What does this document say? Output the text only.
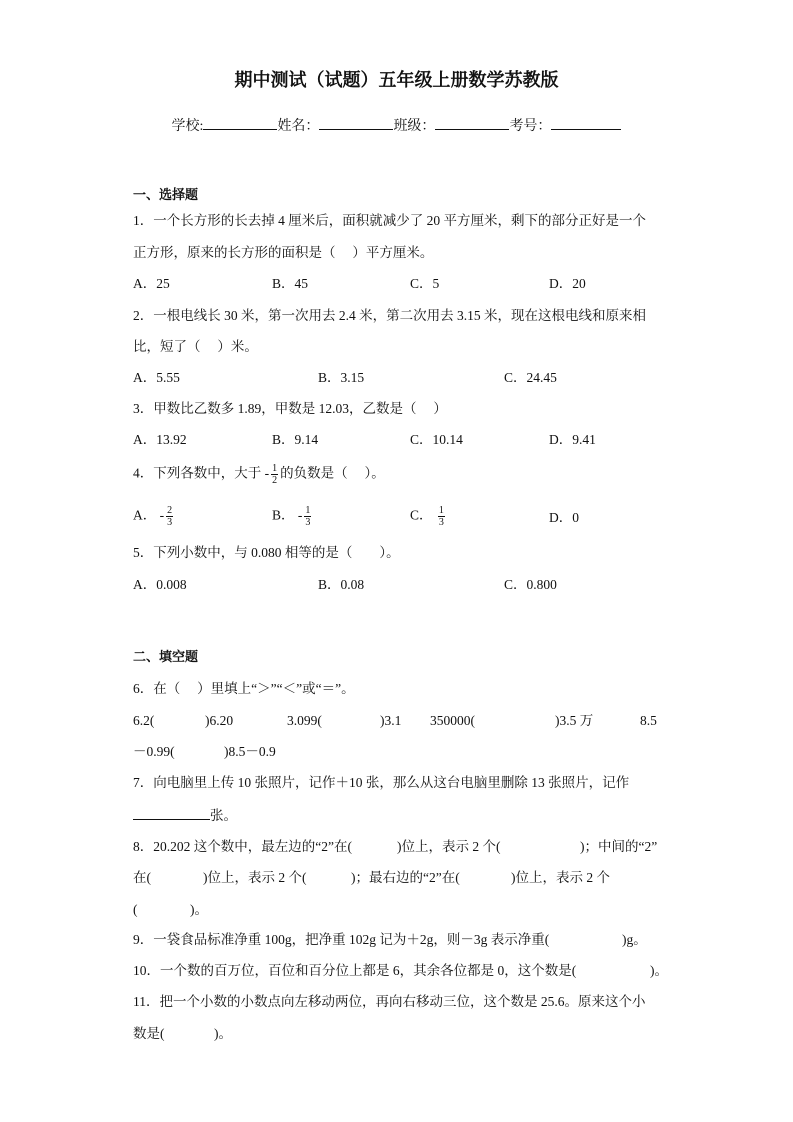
期中测试（试题）五年级上册数学苏教版
学校:	姓名：	班级：	考号：
一、选择题
1．一个长方形的长去掉 4 厘米后，面积就减少了 20 平方厘米，剩下的部分正好是一个
正方形，原来的长方形的面积是（　 ）平方厘米。
A．25	B．45	C．5	D．20
2．一根电线长 30 米，第一次用去 2.4 米，第二次用去 3.15 米，现在这根电线和原来相
比，短了（　 ）米。
A．5.55	B．3.15	C．24.45
3．甲数比乙数多 1.89，甲数是 12.03，乙数是（　 ）
A．13.92	B．9.14	C．10.14	D．9.41
4．下列各数中，大于 - $\frac{1}{2}$ 的负数是（　 ）。
A． - $\frac{2}{3}$	B． - $\frac{1}{3}$	C． $\frac{1}{3}$	D．0
5．下列小数中，与 0.080 相等的是（　　）。
A．0.008	B．0.08	C．0.800
二、填空题
6．在（　 ）里填上“＞”“＜”或“＝”。
6.2(	)6.20	3.099(	)3.1 350000(	)3.5 万	8.5
－0.99(	)8.5－0.9
7．向电脑里上传 10 张照片，记作＋10 张，那么从这台电脑里删除 13 张照片，记作
张。
8．20.202 这个数中，最左边的“2”在(	)位上，表示 2 个(	)；中间的“2”
在(	)位上，表示 2 个(	)；最右边的“2”在(	)位上，表示 2 个
(	)。
9．一袋食品标准净重 100g，把净重 102g 记为＋2g，则－3g 表示净重(	)g。
10．一个数的百万位，百位和百分位上都是 6，其余各位都是 0，这个数是(	)。
11．把一个小数的小数点向左移动两位，再向右移动三位，这个数是 25.6。原来这个小
数是(	)。
